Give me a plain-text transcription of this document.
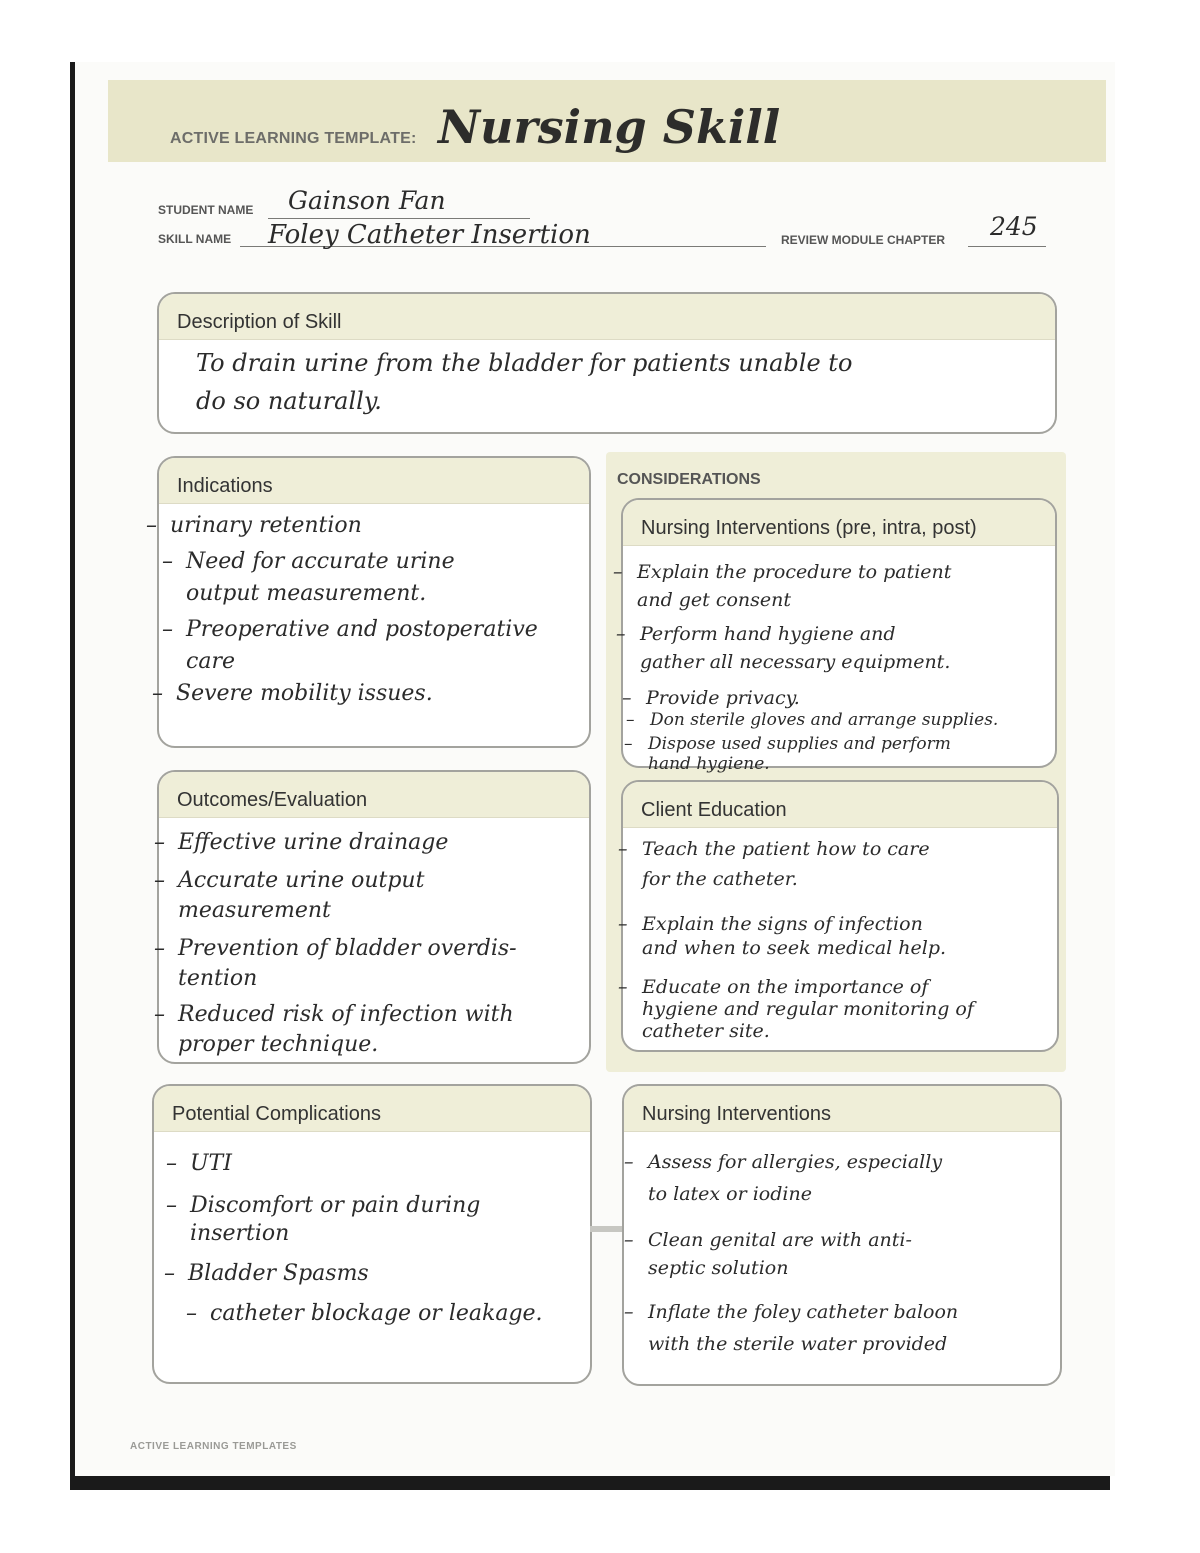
ACTIVE LEARNING TEMPLATE: Nursing Skill
STUDENT NAME Gainson Fan
SKILL NAME Foley Catheter Insertion	REVIEW MODULE CHAPTER 245
Description of Skill
To drain urine from the bladder for patients unable to
do so naturally.
CONSIDERATIONS
Indications
– urinary retention
– Need for accurate urine
output measurement.
– Preoperative and postoperative
care
– Severe mobility issues.
Nursing Interventions (pre, intra, post)
– Explain the procedure to patient
and get consent
– Perform hand hygiene and
gather all necessary equipment.
– Provide privacy.
– Don sterile gloves and arrange supplies.
– Dispose used supplies and perform
hand hygiene.
Outcomes/Evaluation
– Effective urine drainage
– Accurate urine output
measurement
– Prevention of bladder overdis-
tention
– Reduced risk of infection with
proper technique.
Client Education
– Teach the patient how to care
for the catheter.
– Explain the signs of infection
and when to seek medical help.
– Educate on the importance of
hygiene and regular monitoring of
catheter site.
Potential Complications
– UTI
– Discomfort or pain during
insertion
– Bladder Spasms
– catheter blockage or leakage.
Nursing Interventions
– Assess for allergies, especially
to latex or iodine
– Clean genital are with anti-
septic solution
– Inflate the foley catheter baloon
with the sterile water provided
ACTIVE LEARNING TEMPLATES
